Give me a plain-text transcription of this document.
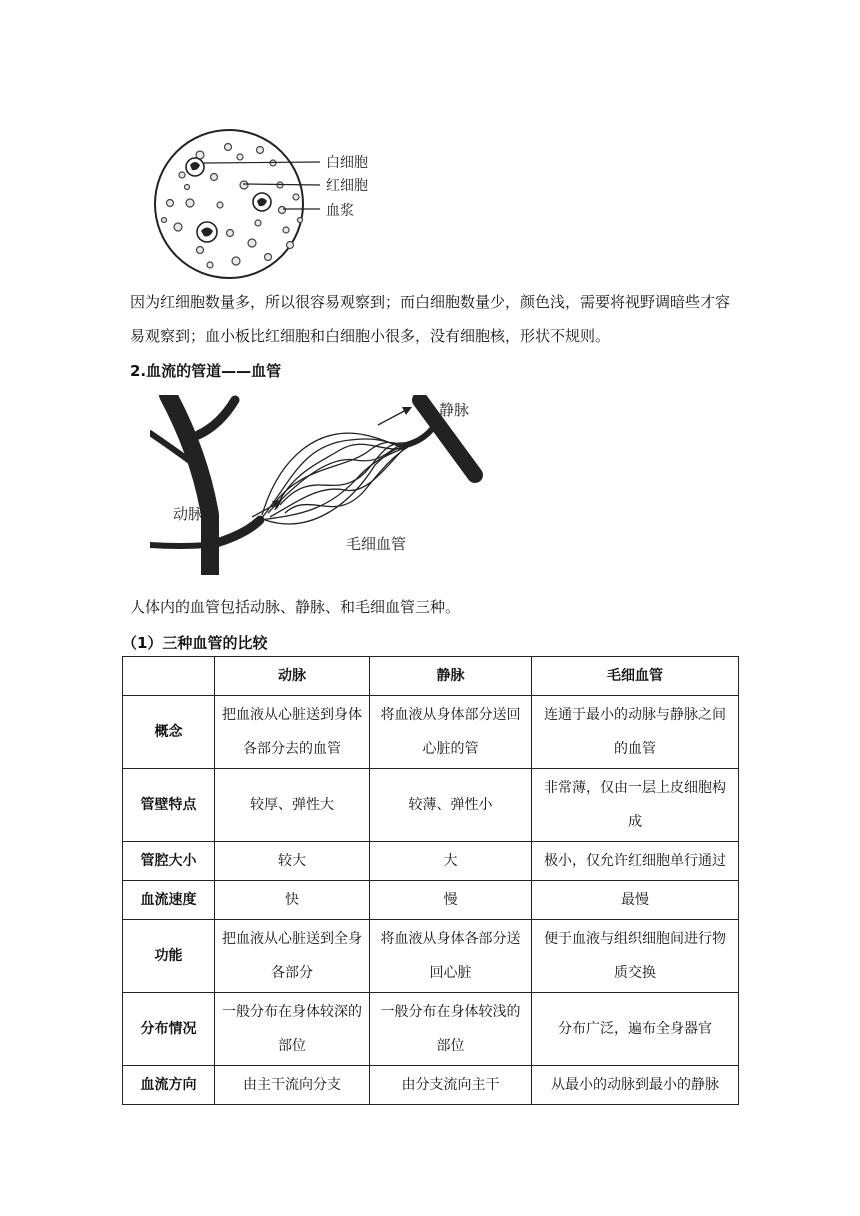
白细胞
红细胞
血浆

因为红细胞数量多，所以很容易观察到；而白细胞数量少，颜色浅，需要将视野调暗些才容易观察到；血小板比红细胞和白细胞小很多，没有细胞核，形状不规则。

2.血流的管道——血管

静脉
动脉
毛细血管

人体内的血管包括动脉、静脉、和毛细血管三种。

（1）三种血管的比较

	动脉	静脉	毛细血管
概念	把血液从心脏送到身体各部分去的血管	将血液从身体部分送回心脏的管	连通于最小的动脉与静脉之间的血管
管壁特点	较厚、弹性大	较薄、弹性小	非常薄，仅由一层上皮细胞构成
管腔大小	较大	大	极小，仅允许红细胞单行通过
血流速度	快	慢	最慢
功能	把血液从心脏送到全身各部分	将血液从身体各部分送回心脏	便于血液与组织细胞间进行物质交换
分布情况	一般分布在身体较深的部位	一般分布在身体较浅的部位	分布广泛，遍布全身器官
血流方向	由主干流向分支	由分支流向主干	从最小的动脉到最小的静脉
